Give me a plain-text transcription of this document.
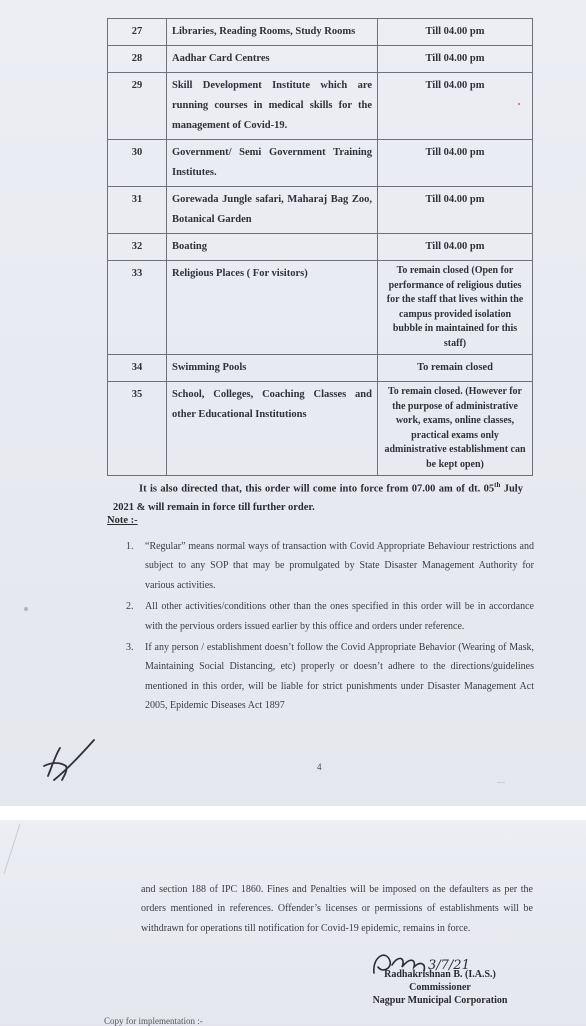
27	Libraries, Reading Rooms, Study Rooms	Till 04.00 pm
28	Aadhar Card Centres	Till 04.00 pm
29	Skill Development Institute which are running courses in medical skills for the management of Covid-19.	Till 04.00 pm
30	Government/ Semi Government Training Institutes.	Till 04.00 pm
31	Gorewada Jungle safari, Maharaj Bag Zoo, Botanical Garden	Till 04.00 pm
32	Boating	Till 04.00 pm
33	Religious Places ( For visitors)	To remain closed (Open for performance of religious duties for the staff that lives within the campus provided isolation bubble in maintained for this staff)
34	Swimming Pools	To remain closed
35	School, Colleges, Coaching Classes and other Educational Institutions	To remain closed. (However for the purpose of administrative work, exams, online classes, practical exams only administrative establishment can be kept open)
It is also directed that, this order will come into force from 07.00 am of dt. 05th July 2021 & will remain in force till further order.
Note :-
1.	“Regular” means normal ways of transaction with Covid Appropriate Behaviour restrictions and subject to any SOP that may be promulgated by State Disaster Management Authority for various activities.
2.	All other activities/conditions other than the ones specified in this order will be in accordance with the pervious orders issued earlier by this office and orders under reference.
3.	If any person / establishment doesn’t follow the Covid Appropriate Behavior (Wearing of Mask, Maintaining Social Distancing, etc) properly or doesn’t adhere to the directions/guidelines mentioned in this order, will be liable for strict punishments under Disaster Management Act 2005, Epidemic Diseases Act 1897
4
∼∼
and section 188 of IPC 1860. Fines and Penalties will be imposed on the defaulters as per the orders mentioned in references. Offender’s licenses or permissions of establishments will be withdrawn for operations till notification for Covid-19 epidemic, remains in force.
3/7/21
Radhakrishnan B. (I.A.S.)
Commissioner
Nagpur Municipal Corporation
Copy for implementation :-
